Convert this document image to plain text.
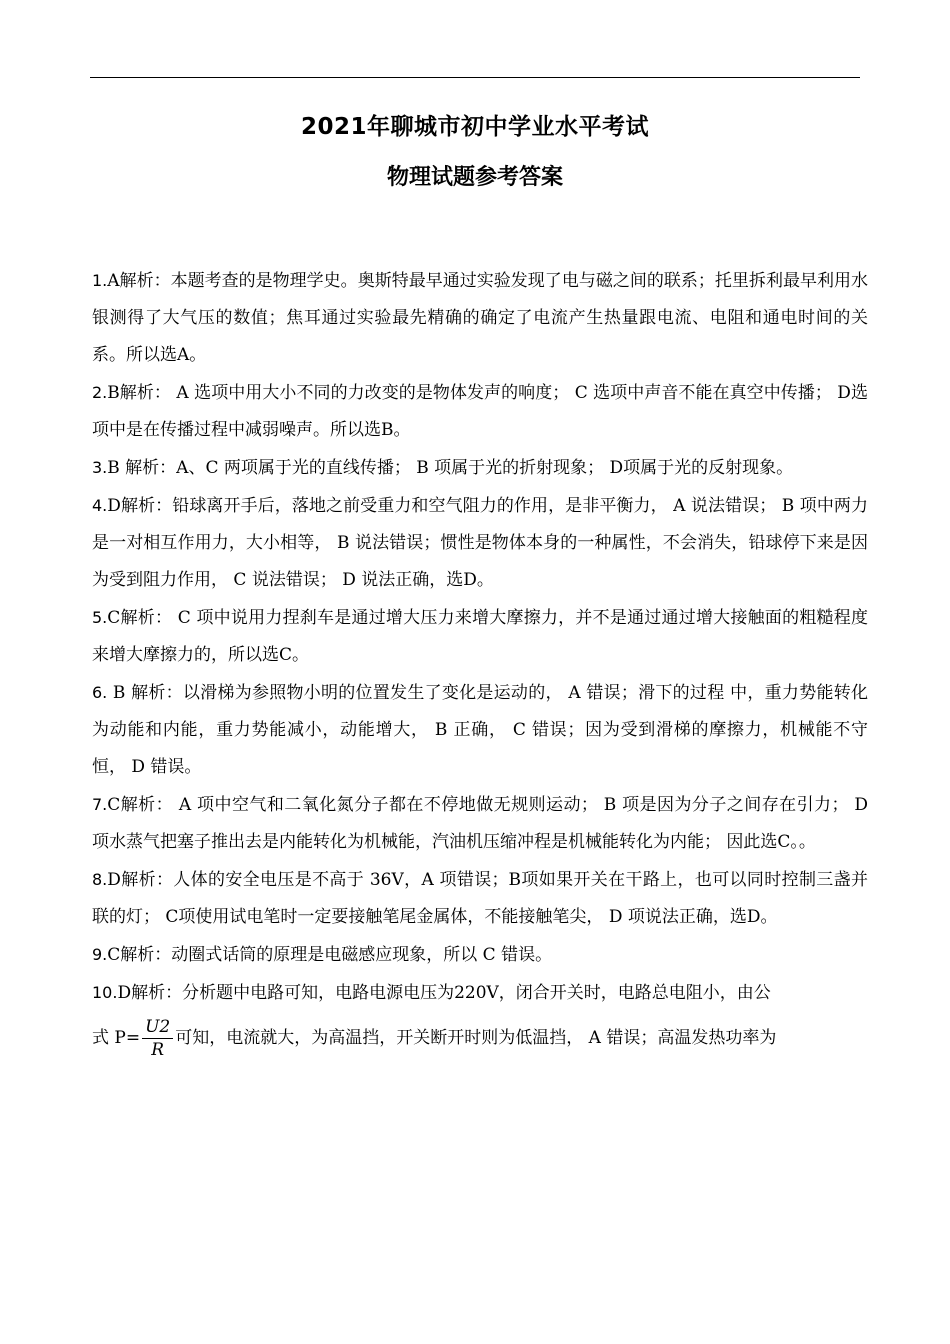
2021年聊城市初中学业水平考试
物理试题参考答案

1.A解析：本题考查的是物理学史。奥斯特最早通过实验发现了电与磁之间的联系；托里拆利最早利用水银测得了大气压的数值；焦耳通过实验最先精确的确定了电流产生热量跟电流、电阻和通电时间的关系。所以选A。

2.B解析： A 选项中用大小不同的力改变的是物体发声的响度； C 选项中声音不能在真空中传播； D选项中是在传播过程中减弱噪声。所以选B。

3.B 解析：A、C 两项属于光的直线传播； B 项属于光的折射现象； D项属于光的反射现象。

4.D解析：铅球离开手后，落地之前受重力和空气阻力的作用，是非平衡力， A 说法错误； B 项中两力是一对相互作用力，大小相等， B 说法错误；惯性是物体本身的一种属性，不会消失，铅球停下来是因为受到阻力作用， C 说法错误； D 说法正确，选D。

5.C解析： C 项中说用力捏刹车是通过增大压力来增大摩擦力，并不是通过通过增大接触面的粗糙程度来增大摩擦力的，所以选C。

6. B 解析：以滑梯为参照物小明的位置发生了变化是运动的， A 错误；滑下的过程 中，重力势能转化为动能和内能，重力势能减小，动能增大， B 正确， C 错误；因为受到滑梯的摩擦力，机械能不守恒， D 错误。

7.C解析： A 项中空气和二氧化氮分子都在不停地做无规则运动； B 项是因为分子之间存在引力； D 项水蒸气把塞子推出去是内能转化为机械能，汽油机压缩冲程是机械能转化为内能； 因此选C。。

8.D解析：人体的安全电压是不高于 36V，A 项错误；B项如果开关在干路上，也可以同时控制三盏并联的灯； C项使用试电笔时一定要接触笔尾金属体，不能接触笔尖， D 项说法正确，选D。

9.C解析：动圈式话筒的原理是电磁感应现象，所以 C 错误。

10.D解析：分析题中电路可知，电路电源电压为220V，闭合开关时，电路总电阻小，由公

式 $P= \frac{U2}{R}$ 可知，电流就大，为高温挡，开关断开时则为低温挡， A 错误；高温发热功率为
